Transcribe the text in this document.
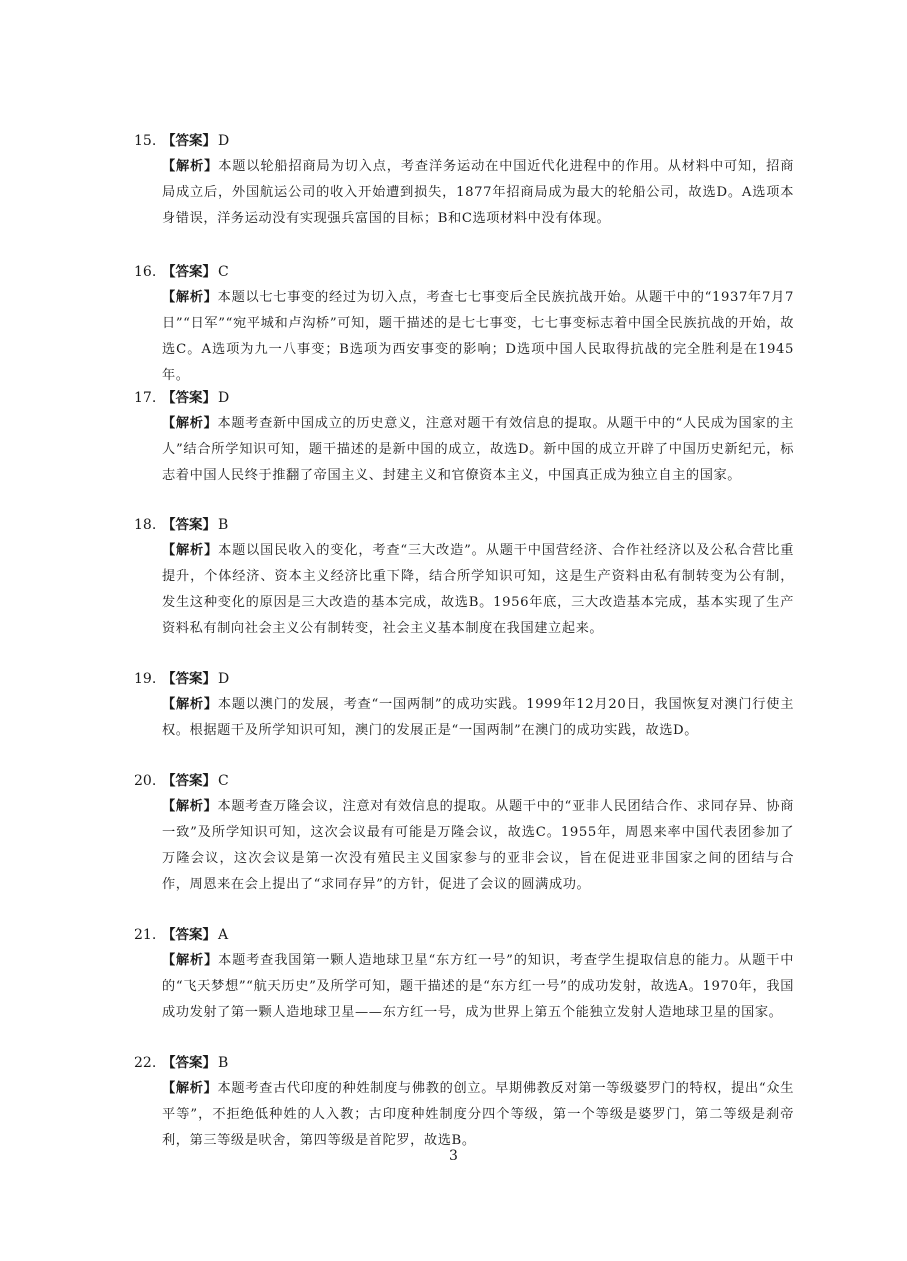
15. 【答案】 D
【解析】本题以轮船招商局为切入点，考查洋务运动在中国近代化进程中的作用。从材料中可知，招商局成立后，外国航运公司的收入开始遭到损失，1877年招商局成为最大的轮船公司，故选D。A选项本身错误，洋务运动没有实现强兵富国的目标；B和C选项材料中没有体现。
16. 【答案】 C
【解析】本题以七七事变的经过为切入点，考查七七事变后全民族抗战开始。从题干中的“1937年7月7日”“日军”“宛平城和卢沟桥”可知，题干描述的是七七事变，七七事变标志着中国全民族抗战的开始，故选C。A选项为九一八事变；B选项为西安事变的影响；D选项中国人民取得抗战的完全胜利是在1945年。
17. 【答案】 D
【解析】本题考查新中国成立的历史意义，注意对题干有效信息的提取。从题干中的“人民成为国家的主人”结合所学知识可知，题干描述的是新中国的成立，故选D。新中国的成立开辟了中国历史新纪元，标志着中国人民终于推翻了帝国主义、封建主义和官僚资本主义，中国真正成为独立自主的国家。
18. 【答案】 B
【解析】本题以国民收入的变化，考查“三大改造”。从题干中国营经济、合作社经济以及公私合营比重提升，个体经济、资本主义经济比重下降，结合所学知识可知，这是生产资料由私有制转变为公有制，发生这种变化的原因是三大改造的基本完成，故选B。1956年底，三大改造基本完成，基本实现了生产资料私有制向社会主义公有制转变，社会主义基本制度在我国建立起来。
19. 【答案】 D
【解析】本题以澳门的发展，考查“一国两制”的成功实践。1999年12月20日，我国恢复对澳门行使主权。根据题干及所学知识可知，澳门的发展正是“一国两制”在澳门的成功实践，故选D。
20. 【答案】 C
【解析】本题考查万隆会议，注意对有效信息的提取。从题干中的“亚非人民团结合作、求同存异、协商一致”及所学知识可知，这次会议最有可能是万隆会议，故选C。1955年，周恩来率中国代表团参加了万隆会议，这次会议是第一次没有殖民主义国家参与的亚非会议，旨在促进亚非国家之间的团结与合作，周恩来在会上提出了“求同存异”的方针，促进了会议的圆满成功。
21. 【答案】 A
【解析】本题考查我国第一颗人造地球卫星“东方红一号”的知识，考查学生提取信息的能力。从题干中的“飞天梦想”“航天历史”及所学可知，题干描述的是“东方红一号”的成功发射，故选A。1970年，我国成功发射了第一颗人造地球卫星——东方红一号，成为世界上第五个能独立发射人造地球卫星的国家。
22. 【答案】 B
【解析】本题考查古代印度的种姓制度与佛教的创立。早期佛教反对第一等级婆罗门的特权，提出“众生平等”，不拒绝低种姓的人入教；古印度种姓制度分四个等级，第一个等级是婆罗门，第二等级是刹帝利，第三等级是吠舍，第四等级是首陀罗，故选B。
3
